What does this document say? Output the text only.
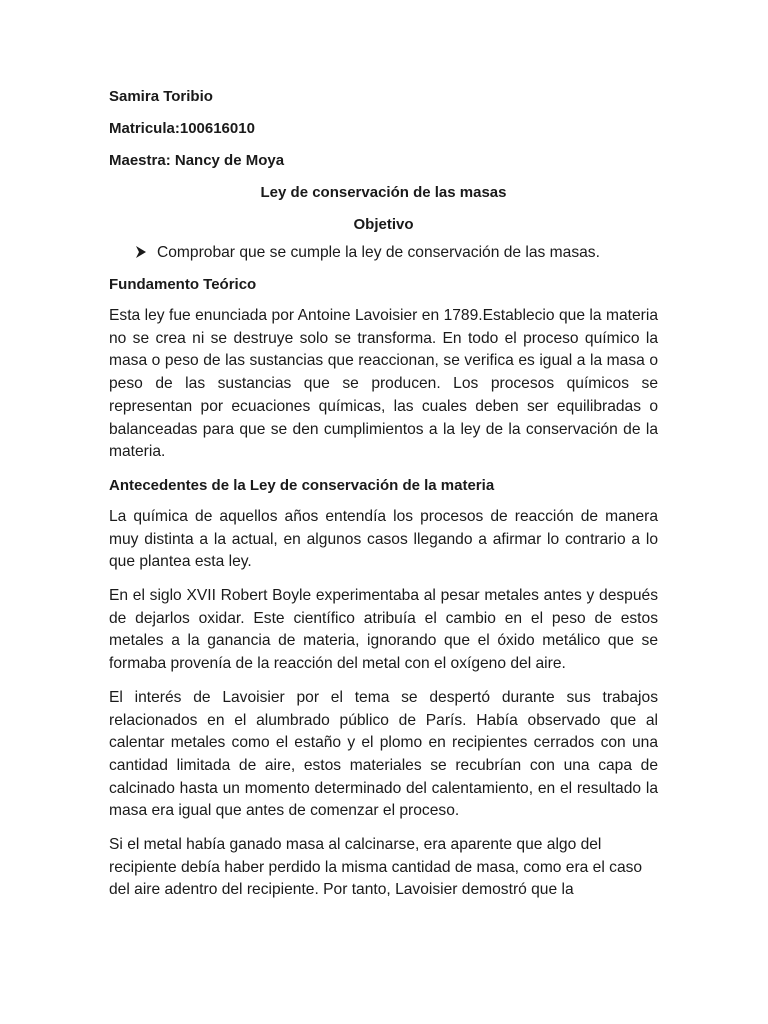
Samira Toribio
Matricula:100616010
Maestra: Nancy de Moya
Ley de conservación de las masas
Objetivo
Comprobar que se cumple la ley de conservación de las masas.
Fundamento Teórico

Esta ley fue enunciada por Antoine Lavoisier en 1789.Establecio que la materia no se crea ni se destruye solo se transforma. En todo el proceso químico la masa o peso de las sustancias que reaccionan, se verifica es igual a la masa o peso de las sustancias que se producen. Los procesos químicos se representan por ecuaciones químicas, las cuales deben ser equilibradas o balanceadas para que se den cumplimientos a la ley de la conservación de la materia.

Antecedentes de la Ley de conservación de la materia

La química de aquellos años entendía los procesos de reacción de manera muy distinta a la actual, en algunos casos llegando a afirmar lo contrario a lo que plantea esta ley.

En el siglo XVII Robert Boyle experimentaba al pesar metales antes y después de dejarlos oxidar. Este científico atribuía el cambio en el peso de estos metales a la ganancia de materia, ignorando que el óxido metálico que se formaba provenía de la reacción del metal con el oxígeno del aire.

El interés de Lavoisier por el tema se despertó durante sus trabajos relacionados en el alumbrado público de París. Había observado que al calentar metales como el estaño y el plomo en recipientes cerrados con una cantidad limitada de aire, estos materiales se recubrían con una capa de calcinado hasta un momento determinado del calentamiento, en el resultado la masa era igual que antes de comenzar el proceso.

Si el metal había ganado masa al calcinarse, era aparente que algo del recipiente debía haber perdido la misma cantidad de masa, como era el caso del aire adentro del recipiente. Por tanto, Lavoisier demostró que la
